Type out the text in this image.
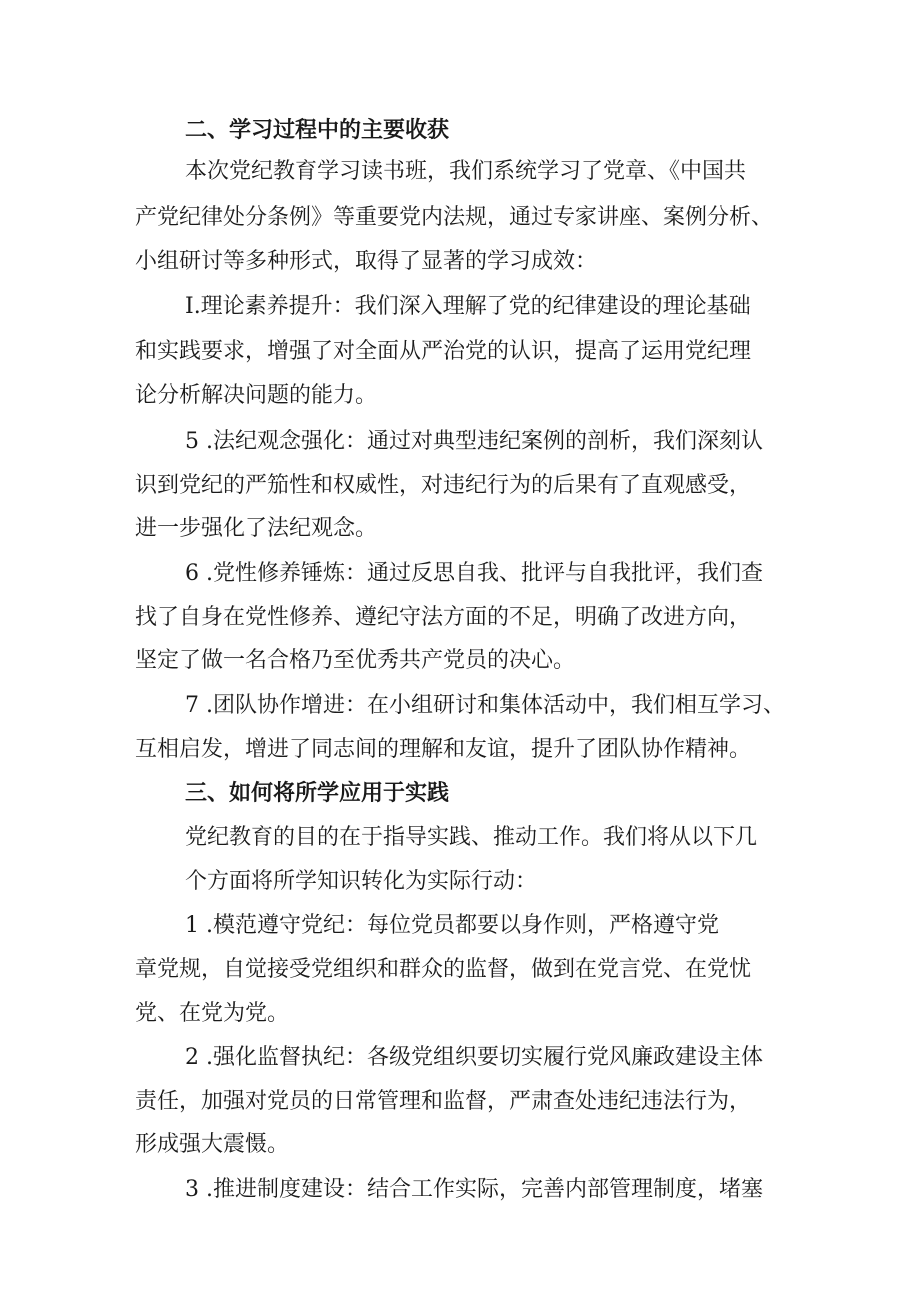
二、学习过程中的主要收获
本次党纪教育学习读书班，我们系统学习了党章、《中国共
产党纪律处分条例》等重要党内法规，通过专家讲座、案例分析、
小组研讨等多种形式，取得了显著的学习成效：
I.理论素养提升：我们深入理解了党的纪律建设的理论基础
和实践要求，增强了对全面从严治党的认识，提高了运用党纪理
论分析解决问题的能力。
5 .法纪观念强化：通过对典型违纪案例的剖析，我们深刻认
识到党纪的严笳性和权威性，对违纪行为的后果有了直观感受，
进一步强化了法纪观念。
6 .党性修养锤炼：通过反思自我、批评与自我批评，我们查
找了自身在党性修养、遵纪守法方面的不足，明确了改进方向，
坚定了做一名合格乃至优秀共产党员的决心。
7 .团队协作增进：在小组研讨和集体活动中，我们相互学习、
互相启发，增进了同志间的理解和友谊，提升了团队协作精神。
三、如何将所学应用于实践
党纪教育的目的在于指导实践、推动工作。我们将从以下几
个方面将所学知识转化为实际行动：
1 .模范遵守党纪：每位党员都要以身作则，严格遵守党
章党规，自觉接受党组织和群众的监督，做到在党言党、在党忧
党、在党为党。
2 .强化监督执纪：各级党组织要切实履行党风廉政建设主体
责任，加强对党员的日常管理和监督，严肃查处违纪违法行为，
形成强大震慑。
3 .推进制度建设：结合工作实际，完善内部管理制度，堵塞
